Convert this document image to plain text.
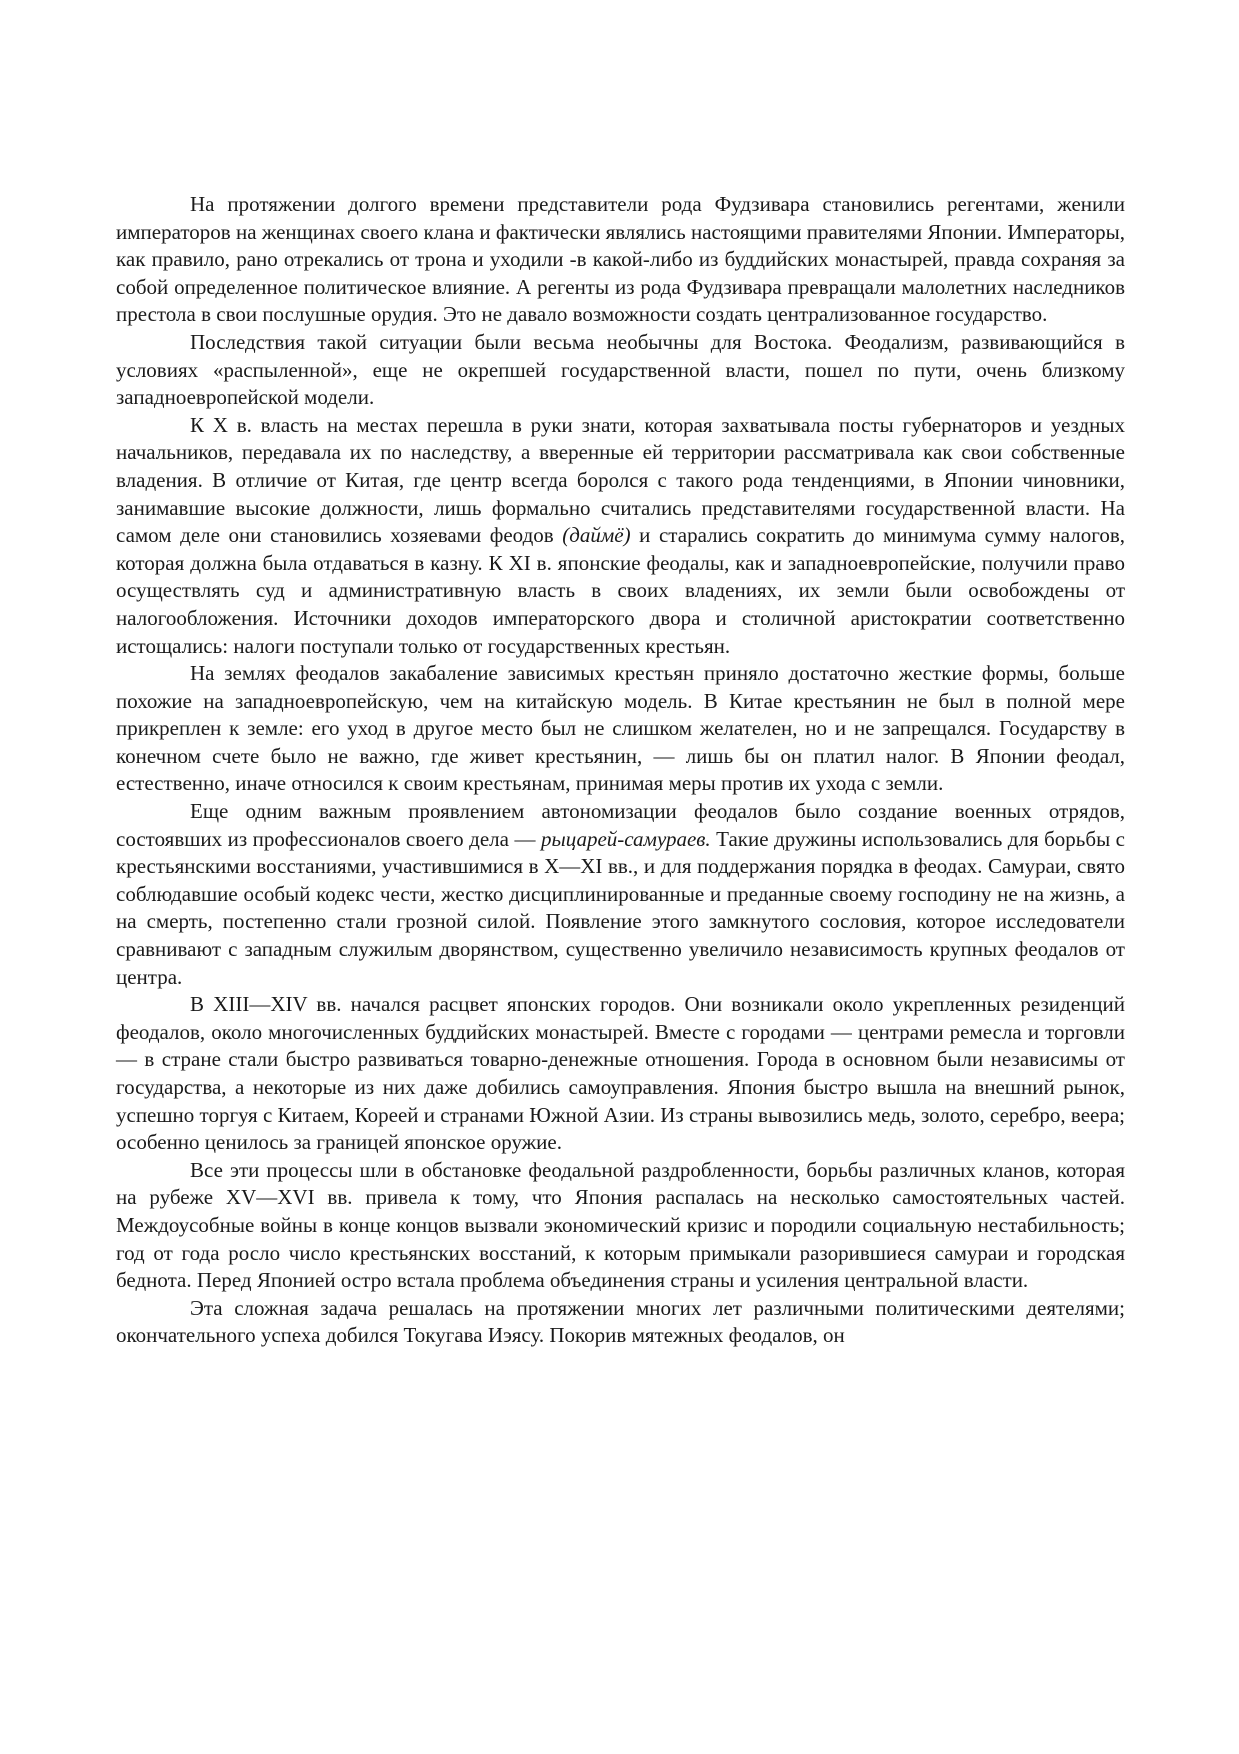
На протяжении долгого времени представители рода Фудзивара становились регентами, женили императоров на женщинах своего клана и фактически являлись настоящими правителями Японии. Императоры, как правило, рано отрекались от трона и уходили -в какой-либо из буддийских монастырей, правда сохраняя за собой определенное политическое влияние. А регенты из рода Фудзивара превращали малолетних наследников престола в свои послушные орудия. Это не давало возможности создать централизованное государство.

Последствия такой ситуации были весьма необычны для Востока. Феодализм, развивающийся в условиях «распыленной», еще не окрепшей государственной власти, пошел по пути, очень близкому западноевропейской модели.

К X в. власть на местах перешла в руки знати, которая захватывала посты губернаторов и уездных начальников, передавала их по наследству, а вверенные ей территории рассматривала как свои собственные владения. В отличие от Китая, где центр всегда боролся с такого рода тенденциями, в Японии чиновники, занимавшие высокие должности, лишь формально считались представителями государственной власти. На самом деле они становились хозяевами феодов (даймё) и старались сократить до минимума сумму налогов, которая должна была отдаваться в казну. К XI в. японские феодалы, как и западноевропейские, получили право осуществлять суд и административную власть в своих владениях, их земли были освобождены от налогообложения. Источники доходов императорского двора и столичной аристократии соответственно истощались: налоги поступали только от государственных крестьян.

На землях феодалов закабаление зависимых крестьян приняло достаточно жесткие формы, больше похожие на западноевропейскую, чем на китайскую модель. В Китае крестьянин не был в полной мере прикреплен к земле: его уход в другое место был не слишком желателен, но и не запрещался. Государству в конечном счете было не важно, где живет крестьянин, — лишь бы он платил налог. В Японии феодал, естественно, иначе относился к своим крестьянам, принимая меры против их ухода с земли.

Еще одним важным проявлением автономизации феодалов было создание военных отрядов, состоявших из профессионалов своего дела — рыцарей-самураев. Такие дружины использовались для борьбы с крестьянскими восстаниями, участившимися в X—XI вв., и для поддержания порядка в феодах. Самураи, свято соблюдавшие особый кодекс чести, жестко дисциплинированные и преданные своему господину не на жизнь, а на смерть, постепенно стали грозной силой. Появление этого замкнутого сословия, которое исследователи сравнивают с западным служилым дворянством, существенно увеличило независимость крупных феодалов от центра.

В XIII—XIV вв. начался расцвет японских городов. Они возникали около укрепленных резиденций феодалов, около многочисленных буддийских монастырей. Вместе с городами — центрами ремесла и торговли — в стране стали быстро развиваться товарно-денежные отношения. Города в основном были независимы от государства, а некоторые из них даже добились самоуправления. Япония быстро вышла на внешний рынок, успешно торгуя с Китаем, Кореей и странами Южной Азии. Из страны вывозились медь, золото, серебро, веера; особенно ценилось за границей японское оружие.

Все эти процессы шли в обстановке феодальной раздробленности, борьбы различных кланов, которая на рубеже XV—XVI вв. привела к тому, что Япония распалась на несколько самостоятельных частей. Междоусобные войны в конце концов вызвали экономический кризис и породили социальную нестабильность; год от года росло число крестьянских восстаний, к которым примыкали разорившиеся самураи и городская беднота. Перед Японией остро встала проблема объединения страны и усиления центральной власти.

Эта сложная задача решалась на протяжении многих лет различными политическими деятелями; окончательного успеха добился Токугава Иэясу. Покорив мятежных феодалов, он
